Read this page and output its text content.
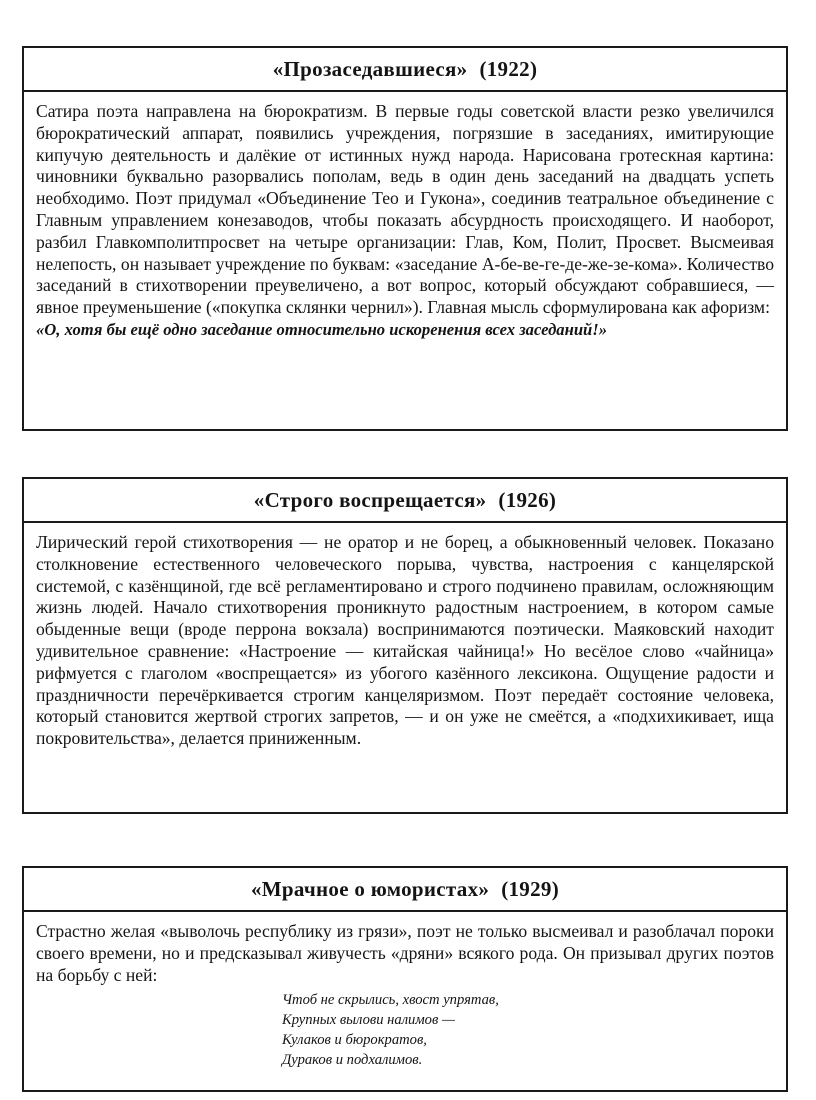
«Прозаседавшиеся» (1922)
Сатира поэта направлена на бюрократизм. В первые годы советской власти резко увеличился бюрократический аппарат, появились учреждения, погрязшие в заседаниях, имитирующие кипучую деятельность и далёкие от истинных нужд народа. Нарисована гротескная картина: чиновники буквально разорвались пополам, ведь в один день заседаний на двадцать успеть необходимо. Поэт придумал «Объединение Тео и Гукона», соединив театральное объединение с Главным управлением конезаводов, чтобы показать абсурдность происходящего. И наоборот, разбил Главкомполитпросвет на четыре организации: Глав, Ком, Полит, Просвет. Высмеивая нелепость, он называет учреждение по буквам: «заседание А-бе-ве-ге-де-же-зе-кома». Количество заседаний в стихотворении преувеличено, а вот вопрос, который обсуждают собравшиеся, — явное преуменьшение («покупка склянки чернил»). Главная мысль сформулирована как афоризм:
«О, хотя бы ещё одно заседание относительно искоренения всех заседаний!»
«Строго воспрещается» (1926)
Лирический герой стихотворения — не оратор и не борец, а обыкновенный человек. Показано столкновение естественного человеческого порыва, чувства, настроения с канцелярской системой, с казёнщиной, где всё регламентировано и строго подчинено правилам, осложняющим жизнь людей. Начало стихотворения проникнуто радостным настроением, в котором самые обыденные вещи (вроде перрона вокзала) воспринимаются поэтически. Маяковский находит удивительное сравнение: «Настроение — китайская чайница!» Но весёлое слово «чайница» рифмуется с глаголом «воспрещается» из убогого казённого лексикона. Ощущение радости и праздничности перечёркивается строгим канцеляризмом. Поэт передаёт состояние человека, который становится жертвой строгих запретов, — и он уже не смеётся, а «подхихикивает, ища покровительства», делается приниженным.
«Мрачное о юмористах» (1929)
Страстно желая «выволочь республику из грязи», поэт не только высмеивал и разоблачал пороки своего времени, но и предсказывал живучесть «дряни» всякого рода. Он призывал других поэтов на борьбу с ней:
Чтоб не скрылись, хвост упрятав,
Крупных вылови налимов —
Кулаков и бюрократов,
Дураков и подхалимов.
